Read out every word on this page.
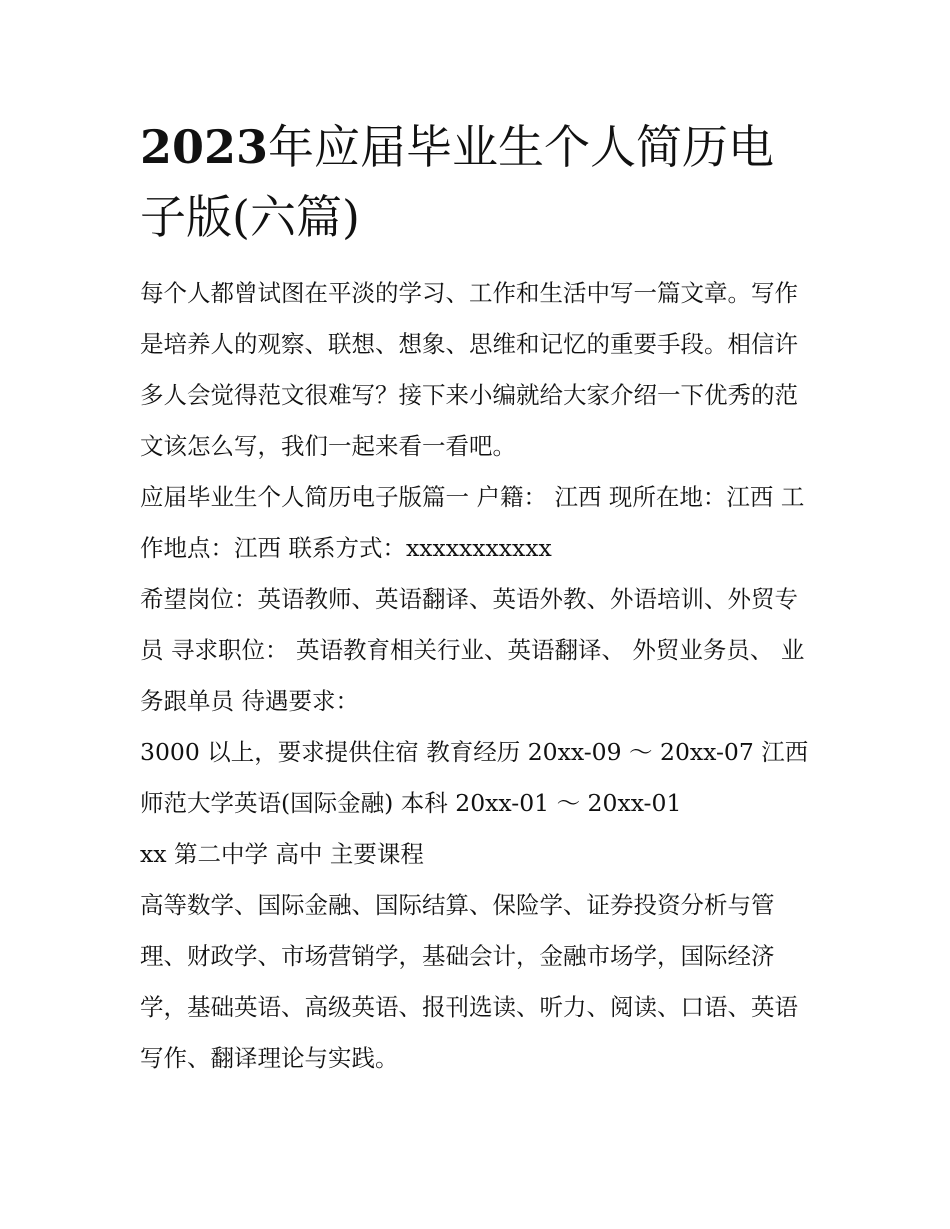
2023年应届毕业生个人简历电子版(六篇)

每个人都曾试图在平淡的学习、工作和生活中写一篇文章。写作是培养人的观察、联想、想象、思维和记忆的重要手段。相信许多人会觉得范文很难写？接下来小编就给大家介绍一下优秀的范文该怎么写，我们一起来看一看吧。

应届毕业生个人简历电子版篇一 户籍： 江西 现所在地：江西 工作地点：江西 联系方式：xxxxxxxxxxx

希望岗位：英语教师、英语翻译、英语外教、外语培训、外贸专员 寻求职位： 英语教育相关行业、英语翻译、 外贸业务员、 业务跟单员 待遇要求：

3000 以上，要求提供住宿 教育经历 20xx-09 ～ 20xx-07 江西师范大学英语(国际金融) 本科 20xx-01 ～ 20xx-01

xx 第二中学 高中 主要课程

高等数学、国际金融、国际结算、保险学、证券投资分析与管理、财政学、市场营销学，基础会计，金融市场学，国际经济学，基础英语、高级英语、报刊选读、听力、阅读、口语、英语写作、翻译理论与实践。
